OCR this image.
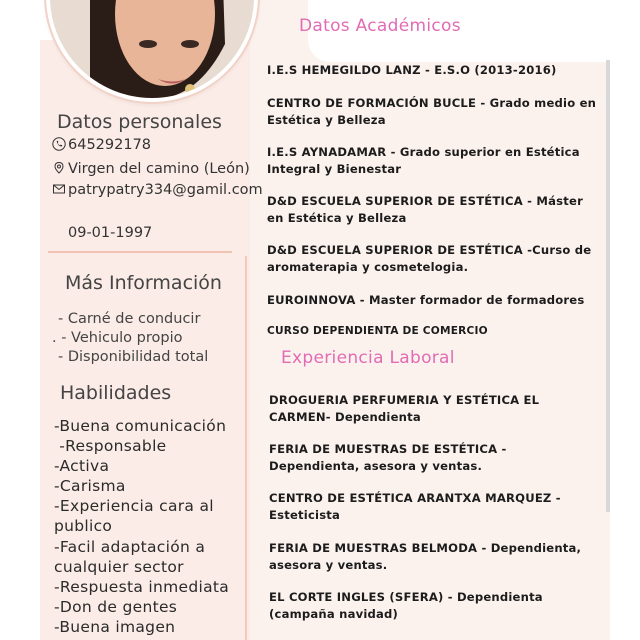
Datos personales
645292178
Virgen del camino (León)
patrypatry334@gamil.com
09-01-1997
Más Información
- Carné de conducir
. - Vehiculo propio
- Disponibilidad total
Habilidades
-Buena comunicación
-Responsable
-Activa
-Carisma
-Experiencia cara al
publico
-Facil adaptación a
cualquier sector
-Respuesta inmediata
-Don de gentes
-Buena imagen
Datos Académicos
I.E.S HEMEGILDO LANZ - E.S.O (2013-2016)
CENTRO DE FORMACIÓN BUCLE - Grado medio en Estética y Belleza
I.E.S AYNADAMAR - Grado superior en Estética Integral y Bienestar
D&D ESCUELA SUPERIOR DE ESTÉTICA - Máster en Estética y Belleza
D&D ESCUELA SUPERIOR DE ESTÉTICA -Curso de aromaterapia y cosmetelogia.
EUROINNOVA - Master formador de formadores
CURSO DEPENDIENTA DE COMERCIO
Experiencia Laboral
DROGUERIA PERFUMERIA Y ESTÉTICA EL CARMEN- Dependienta
FERIA DE MUESTRAS DE ESTÉTICA - Dependienta, asesora y ventas.
CENTRO DE ESTÉTICA ARANTXA MARQUEZ - Esteticista
FERIA DE MUESTRAS BELMODA - Dependienta, asesora y ventas.
EL CORTE INGLES (SFERA) - Dependienta (campaña navidad)
